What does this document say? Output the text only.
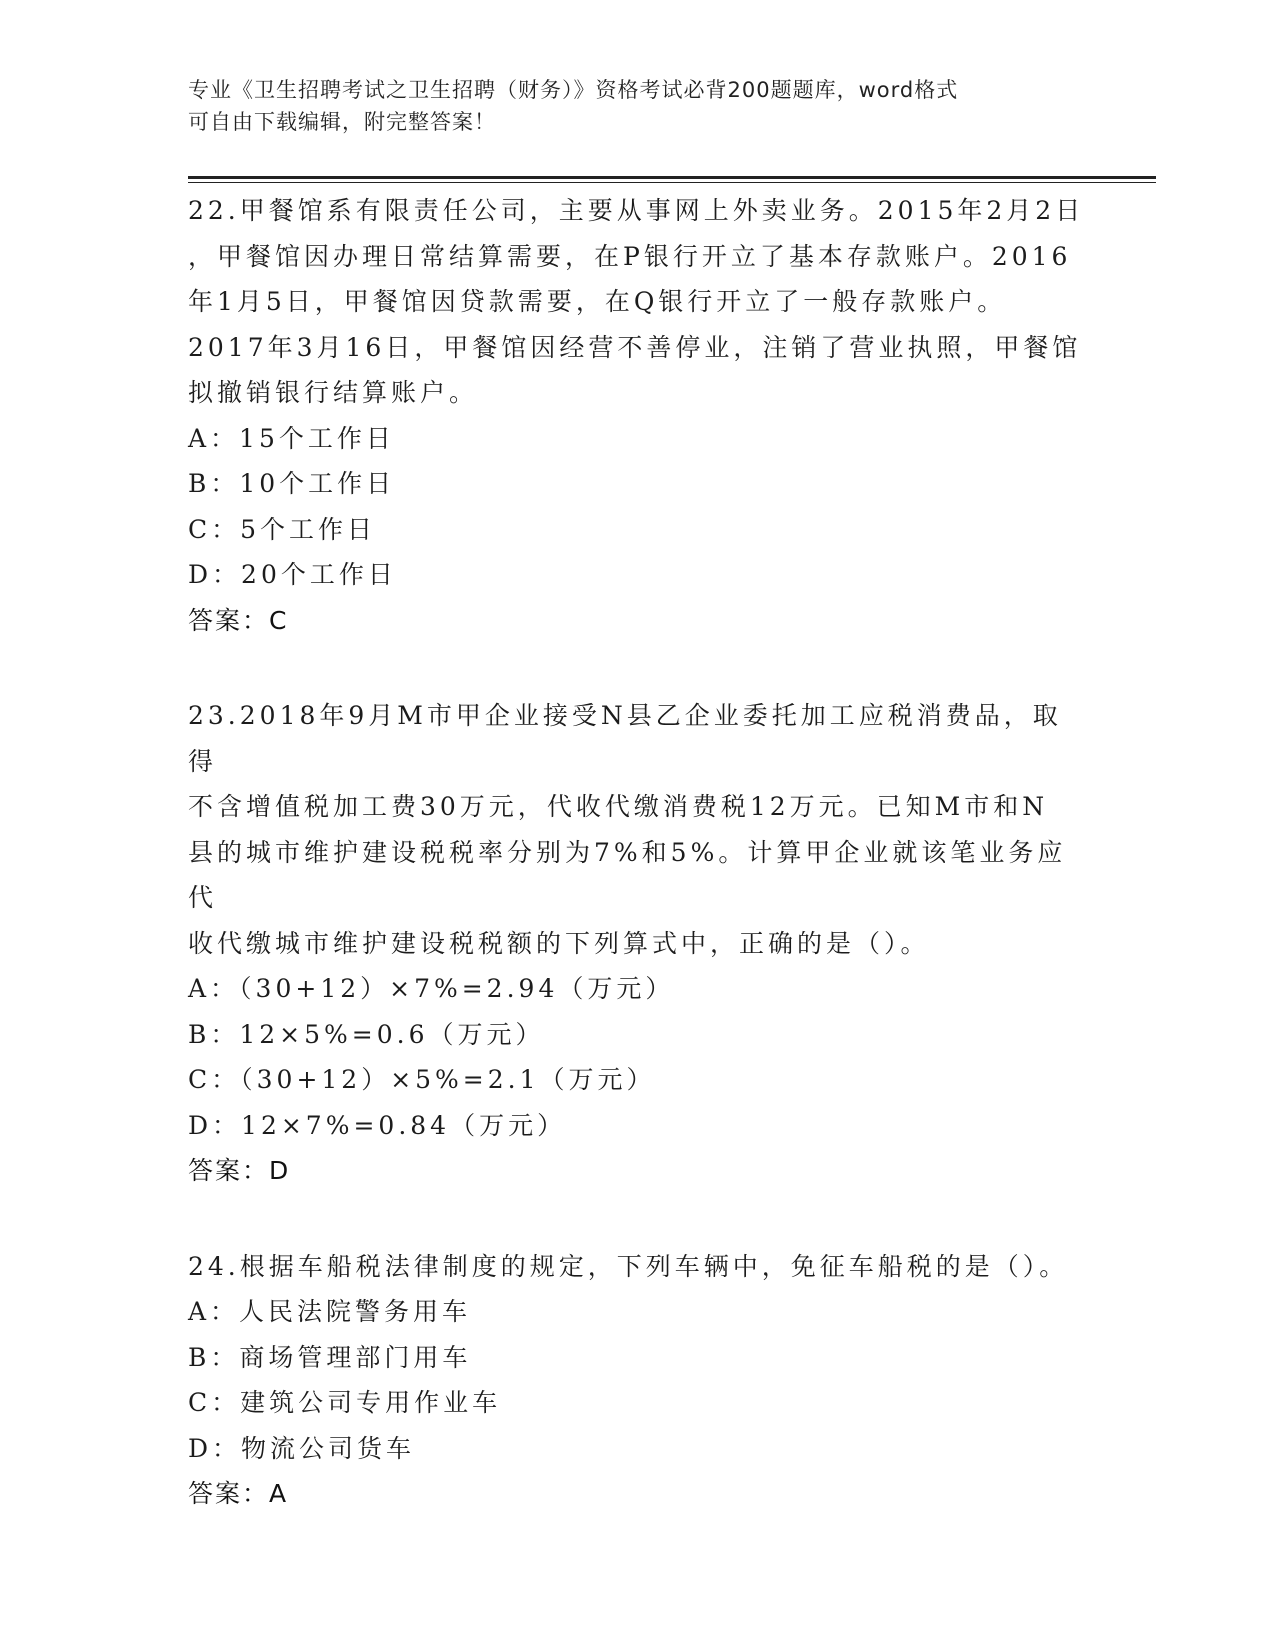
专业《卫生招聘考试之卫生招聘（财务）》资格考试必背200题题库，word格式
可自由下载编辑，附完整答案！

22.甲餐馆系有限责任公司，主要从事网上外卖业务。2015年2月2日

，甲餐馆因办理日常结算需要，在P银行开立了基本存款账户。2016

年1月5日，甲餐馆因贷款需要，在Q银行开立了一般存款账户。

2017年3月16日，甲餐馆因经营不善停业，注销了营业执照，甲餐馆

拟撤销银行结算账户。

A：15个工作日

B：10个工作日

C：5个工作日

D：20个工作日

答案：C

23.2018年9月M市甲企业接受N县乙企业委托加工应税消费品，取得

不含增值税加工费30万元，代收代缴消费税12万元。已知M市和N

县的城市维护建设税税率分别为7%和5%。计算甲企业就该笔业务应代

收代缴城市维护建设税税额的下列算式中，正确的是（）。

A：（30+12）×7%=2.94（万元）

B：12×5%=0.6（万元）

C：（30+12）×5%=2.1（万元）

D：12×7%=0.84（万元）

答案：D

24.根据车船税法律制度的规定，下列车辆中，免征车船税的是（）。

A：人民法院警务用车

B：商场管理部门用车

C：建筑公司专用作业车

D：物流公司货车

答案：A
